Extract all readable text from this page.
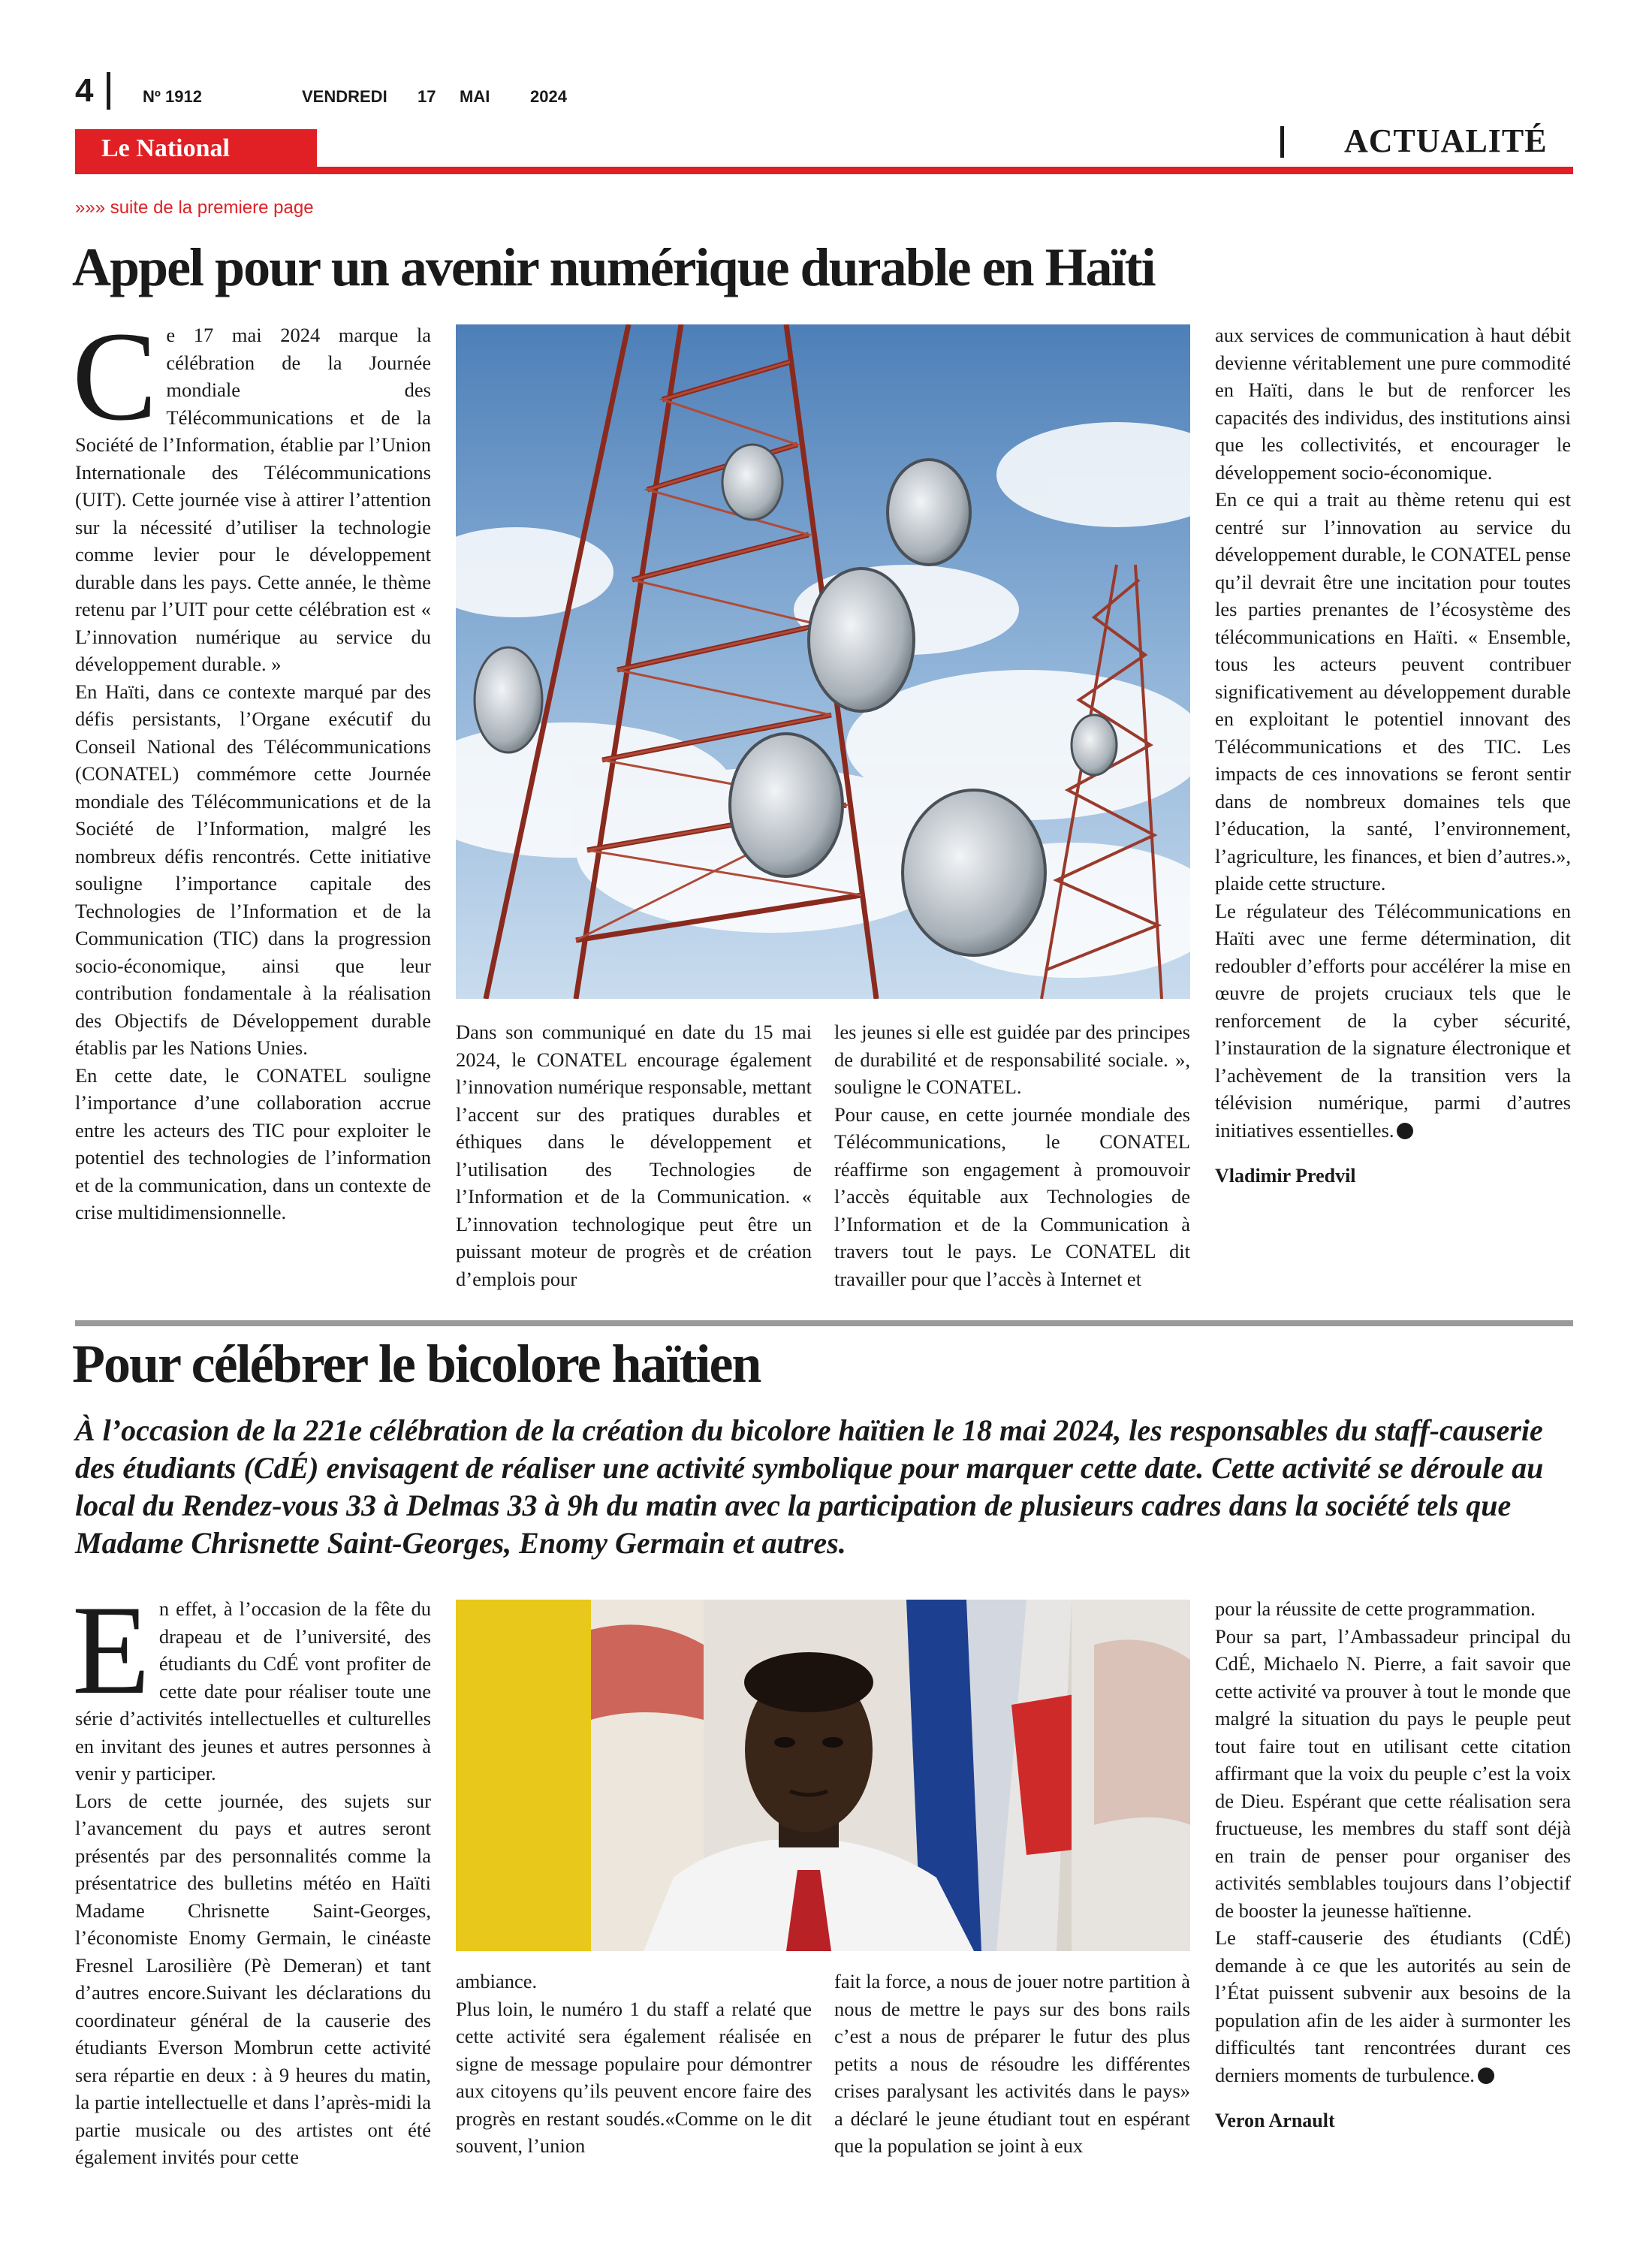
4	Nº 1912	VENDREDI 17 MAI 2024
Le National	ACTUALITÉ
»»» suite de la premiere page
Appel pour un avenir numérique durable en Haïti
C e 17 mai 2024 marque la célébration de la Journée mondiale des Télécommunications et de la Société de l’Information, établie par l’Union Internationale des Télécommunications (UIT). Cette journée vise à attirer l’attention sur la nécessité d’utiliser la technologie comme levier pour le développement durable dans les pays. Cette année, le thème retenu par l’UIT pour cette célébration est « L’innovation numérique au service du développement durable. »

En Haïti, dans ce contexte marqué par des défis persistants, l’Organe exécutif du Conseil National des Télécommunications (CONATEL) commémore cette Journée mondiale des Télécommunications et de la Société de l’Information, malgré les nombreux défis rencontrés. Cette initiative souligne l’importance capitale des Technologies de l’Information et de la Communication (TIC) dans la progression socio-économique, ainsi que leur contribution fondamentale à la réalisation des Objectifs de Développement durable établis par les Nations Unies.

En cette date, le CONATEL souligne l’importance d’une collaboration accrue entre les acteurs des TIC pour exploiter le potentiel des technologies de l’information et de la communication, dans un contexte de crise multidimensionnelle.

Dans son communiqué en date du 15 mai 2024, le CONATEL encourage également l’innovation numérique responsable, mettant l’accent sur des pratiques durables et éthiques dans le développement et l’utilisation des Technologies de l’Information et de la Communication. « L’innovation technologique peut être un puissant moteur de progrès et de création d’emplois pour

les jeunes si elle est guidée par des principes de durabilité et de responsabilité sociale. », souligne le CONATEL.

Pour cause, en cette journée mondiale des Télécommunications, le CONATEL réaffirme son engagement à promouvoir l’accès équitable aux Technologies de l’Information et de la Communication à travers tout le pays. Le CONATEL dit travailler pour que l’accès à Internet et

aux services de communication à haut débit devienne véritablement une pure commodité en Haïti, dans le but de renforcer les capacités des individus, des institutions ainsi que les collectivités, et encourager le développement socio-économique.

En ce qui a trait au thème retenu qui est centré sur l’innovation au service du développement durable, le CONATEL pense qu’il devrait être une incitation pour toutes les parties prenantes de l’écosystème des télécommunications en Haïti. « Ensemble, tous les acteurs peuvent contribuer significativement au développement durable en exploitant le potentiel innovant des Télécommunications et des TIC. Les impacts de ces innovations se feront sentir dans de nombreux domaines tels que l’éducation, la santé, l’environnement, l’agriculture, les finances, et bien d’autres.», plaide cette structure.

Le régulateur des Télécommunications en Haïti avec une ferme détermination, dit redoubler d’efforts pour accélérer la mise en œuvre de projets cruciaux tels que le renforcement de la cyber sécurité, l’instauration de la signature électronique et l’achèvement de la transition vers la télévision numérique, parmi d’autres initiatives essentielles.

Vladimir Predvil
Pour célébrer le bicolore haïtien
À l’occasion de la 221e célébration de la création du bicolore haïtien le 18 mai 2024, les responsables du staff-causerie des étudiants (CdÉ) envisagent de réaliser une activité symbolique pour marquer cette date. Cette activité se déroule au local du Rendez-vous 33 à Delmas 33 à 9h du matin avec la participation de plusieurs cadres dans la société tels que Madame Chrisnette Saint-Georges, Enomy Germain et autres.
E n effet, à l’occasion de la fête du drapeau et de l’université, des étudiants du CdÉ vont profiter de cette date pour réaliser toute une série d’activités intellectuelles et culturelles en invitant des jeunes et autres personnes à venir y participer.

Lors de cette journée, des sujets sur l’avancement du pays et autres seront présentés par des personnalités comme la présentatrice des bulletins météo en Haïti Madame Chrisnette Saint-Georges, l’économiste Enomy Germain, le cinéaste Fresnel Larosilière (Pè Demeran) et tant d’autres encore.Suivant les déclarations du coordinateur général de la causerie des étudiants Everson Mombrun cette activité sera répartie en deux : à 9 heures du matin, la partie intellectuelle et dans l’après-midi la partie musicale ou des artistes ont été également invités pour cette

ambiance.

Plus loin, le numéro 1 du staff a relaté que cette activité sera également réalisée en signe de message populaire pour démontrer aux citoyens qu’ils peuvent encore faire des progrès en restant soudés.«Comme on le dit souvent, l’union

fait la force, a nous de jouer notre partition à nous de mettre le pays sur des bons rails c’est a nous de préparer le futur des plus petits a nous de résoudre les différentes crises paralysant les activités dans le pays» a déclaré le jeune étudiant tout en espérant que la population se joint à eux

pour la réussite de cette programmation.

Pour sa part, l’Ambassadeur principal du CdÉ, Michaelo N. Pierre, a fait savoir que cette activité va prouver à tout le monde que malgré la situation du pays le peuple peut tout faire tout en utilisant cette citation affirmant que la voix du peuple c’est la voix de Dieu. Espérant que cette réalisation sera fructueuse, les membres du staff sont déjà en train de penser pour organiser des activités semblables toujours dans l’objectif de booster la jeunesse haïtienne.

Le staff-causerie des étudiants (CdÉ) demande à ce que les autorités au sein de l’État puissent subvenir aux besoins de la population afin de les aider à surmonter les difficultés tant rencontrées durant ces derniers moments de turbulence.

Veron Arnault
